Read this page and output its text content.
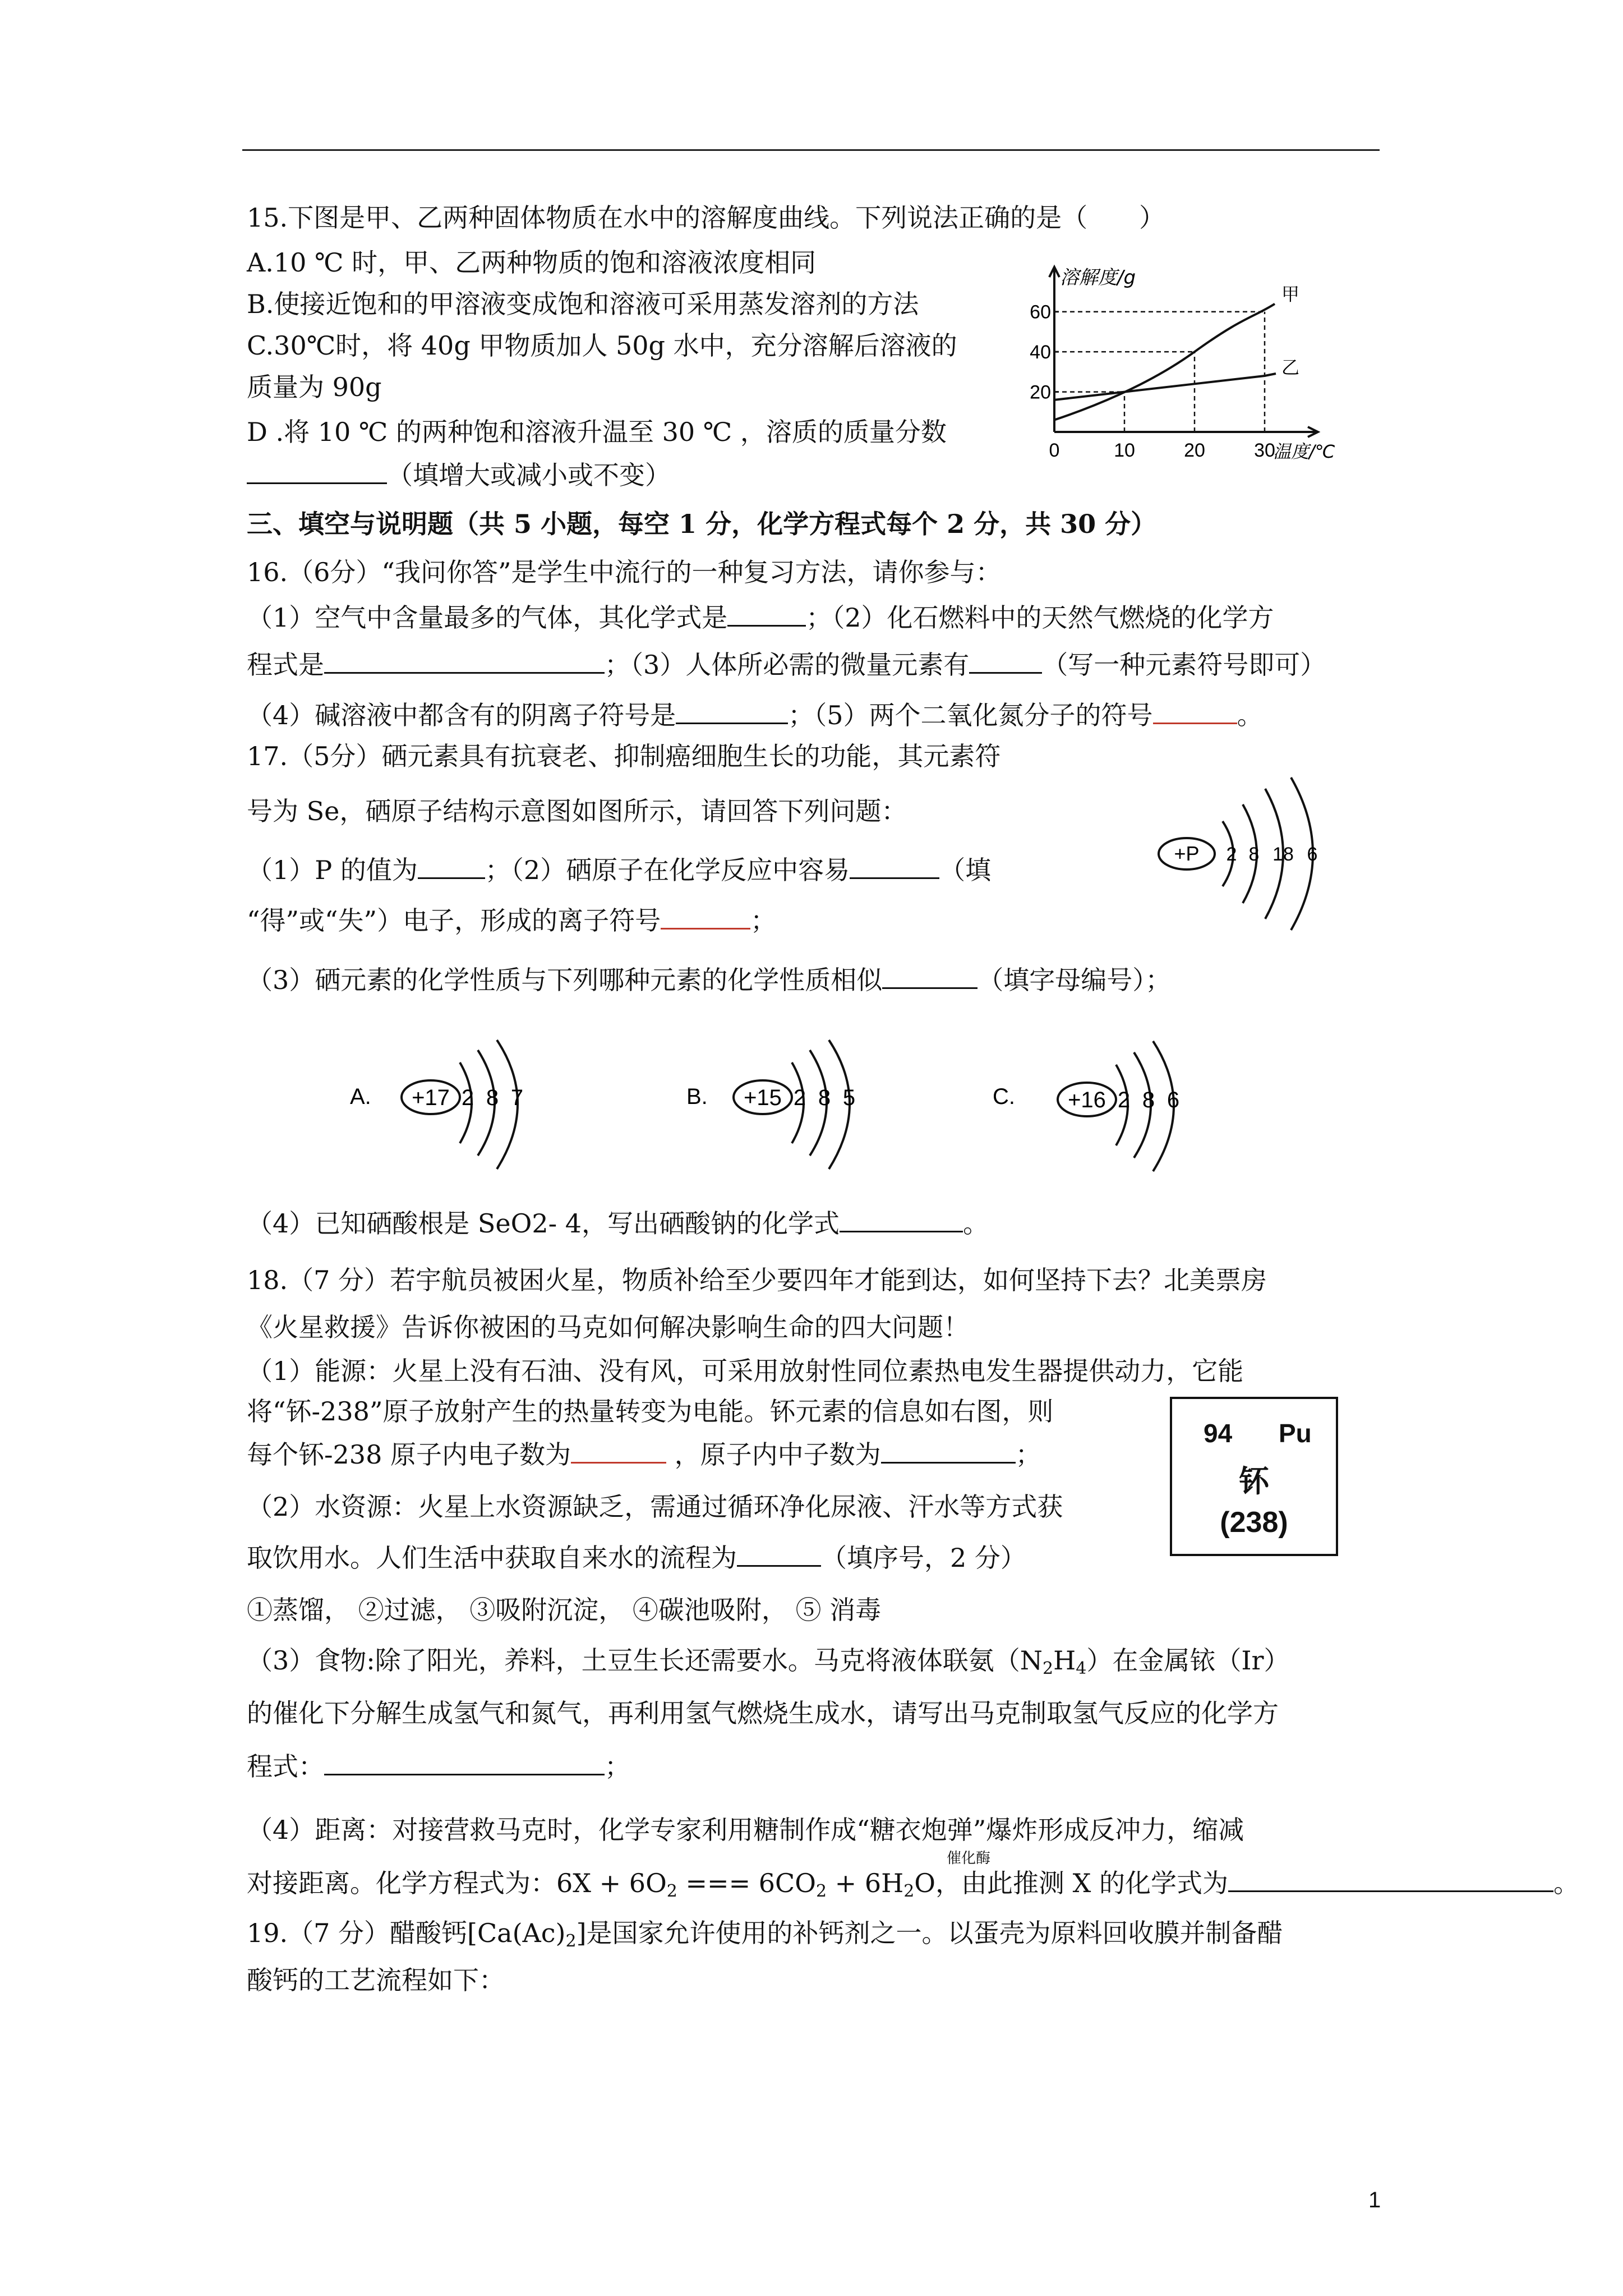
15.下图是甲、乙两种固体物质在水中的溶解度曲线。下列说法正确的是（　　）
A.10 ℃ 时，甲、乙两种物质的饱和溶液浓度相同
B.使接近饱和的甲溶液变成饱和溶液可采用蒸发溶剂的方法
C.30℃时，将 40g 甲物质加人 50g 水中，充分溶解后溶液的
质量为 90g
D .将 10 ℃ 的两种饱和溶液升温至 30 ℃ ，溶质的质量分数
（填增大或减小或不变）
0	10	20	30
20
40
60
甲
乙
溶解度/g
温度/℃
三、填空与说明题（共 5 小题，每空 1 分，化学方程式每个 2 分，共 30 分）
16.（6分）“我问你答”是学生中流行的一种复习方法，请你参与：
（1）空气中含量最多的气体，其化学式是	；（2）化石燃料中的天然气燃烧的化学方
程式是	；（3）人体所必需的微量元素有	（写一种元素符号即可）
（4）碱溶液中都含有的阴离子符号是	；（5）两个二氧化氮分子的符号	。
17.（5分）硒元素具有抗衰老、抑制癌细胞生长的功能，其元素符
号为 Se，硒原子结构示意图如图所示，请回答下列问题：
（1）P 的值为	；（2）硒原子在化学反应中容易	（填
“得”或“失”）电子，形成的离子符号	；
（3）硒元素的化学性质与下列哪种元素的化学性质相似	（填字母编号）；
+P 2 8 18 6
A. +17 2 8 7	B. +15 2 8 5	C. +16 2 8 6
（4）已知硒酸根是 SeO2- 4，写出硒酸钠的化学式	。
18.（7 分）若宇航员被困火星，物质补给至少要四年才能到达，如何坚持下去？北美票房
《火星救援》告诉你被困的马克如何解决影响生命的四大问题！
（1）能源：火星上没有石油、没有风，可采用放射性同位素热电发生器提供动力，它能
将“钚-238”原子放射产生的热量转变为电能。钚元素的信息如右图，则
每个钚-238 原子内电子数为	，原子内中子数为	；
94 Pu
钚
(238)
（2）水资源：火星上水资源缺乏，需通过循环净化尿液、汗水等方式获
取饮用水。人们生活中获取自来水的流程为	（填序号，2 分）
①蒸馏， ②过滤， ③吸附沉淀， ④碳池吸附， ⑤ 消毒
（3）食物:除了阳光，养料，土豆生长还需要水。马克将液体联氨$(N_2H_4)$在金属铱（Ir）
的催化下分解生成氢气和氮气，再利用氢气燃烧生成水，请写出马克制取氢气反应的化学方
程式：	；
（4）距离：对接营救马克时，化学专家利用糖制作成“糖衣炮弹”爆炸形成反冲力，缩减
催化酶
对接距离。化学方程式为：$6X + 6O_2$ === $6CO_2 + 6H_2O$，由此推测 X 的化学式为	。
19.（7 分）醋酸钙$[Ca(Ac)_2]$是国家允许使用的补钙剂之一。以蛋壳为原料回收膜并制备醋
酸钙的工艺流程如下：
1
